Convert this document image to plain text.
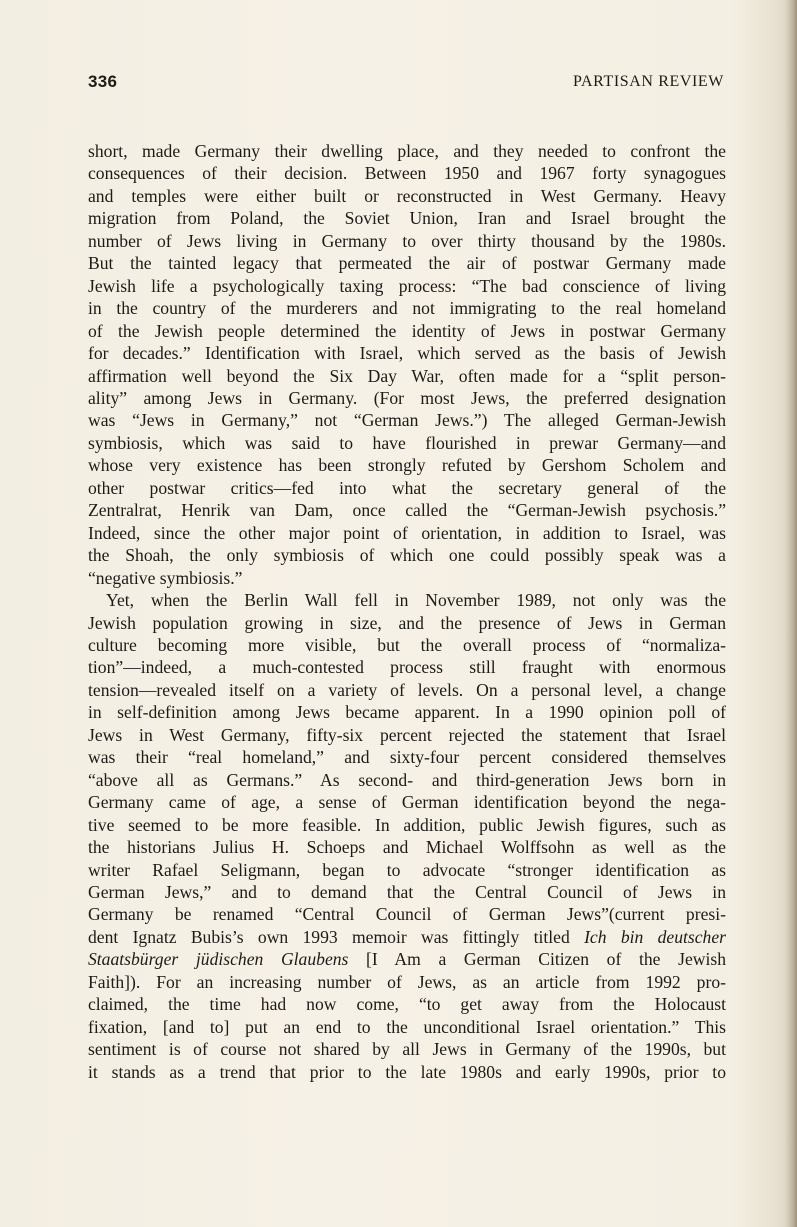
336	PARTISAN REVIEW
short, made Germany their dwelling place, and they needed to confront the
consequences of their decision. Between 1950 and 1967 forty synagogues
and temples were either built or reconstructed in West Germany. Heavy
migration from Poland, the Soviet Union, Iran and Israel brought the
number of Jews living in Germany to over thirty thousand by the 1980s.
But the tainted legacy that permeated the air of postwar Germany made
Jewish life a psychologically taxing process: “The bad conscience of living
in the country of the murderers and not immigrating to the real homeland
of the Jewish people determined the identity of Jews in postwar Germany
for decades.” Identification with Israel, which served as the basis of Jewish
affirmation well beyond the Six Day War, often made for a “split person-
ality” among Jews in Germany. (For most Jews, the preferred designation
was “Jews in Germany,” not “German Jews.”) The alleged German-Jewish
symbiosis, which was said to have flourished in prewar Germany—and
whose very existence has been strongly refuted by Gershom Scholem and
other postwar critics—fed into what the secretary general of the
Zentralrat, Henrik van Dam, once called the “German-Jewish psychosis.”
Indeed, since the other major point of orientation, in addition to Israel, was
the Shoah, the only symbiosis of which one could possibly speak was a
“negative symbiosis.”
Yet, when the Berlin Wall fell in November 1989, not only was the
Jewish population growing in size, and the presence of Jews in German
culture becoming more visible, but the overall process of “normaliza-
tion”—indeed, a much-contested process still fraught with enormous
tension—revealed itself on a variety of levels. On a personal level, a change
in self-definition among Jews became apparent. In a 1990 opinion poll of
Jews in West Germany, fifty-six percent rejected the statement that Israel
was their “real homeland,” and sixty-four percent considered themselves
“above all as Germans.” As second- and third-generation Jews born in
Germany came of age, a sense of German identification beyond the nega-
tive seemed to be more feasible. In addition, public Jewish figures, such as
the historians Julius H. Schoeps and Michael Wolffsohn as well as the
writer Rafael Seligmann, began to advocate “stronger identification as
German Jews,” and to demand that the Central Council of Jews in
Germany be renamed “Central Council of German Jews”(current presi-
dent Ignatz Bubis’s own 1993 memoir was fittingly titled Ich bin deutscher
Staatsbürger jüdischen Glaubens [I Am a German Citizen of the Jewish
Faith]). For an increasing number of Jews, as an article from 1992 pro-
claimed, the time had now come, “to get away from the Holocaust
fixation, [and to] put an end to the unconditional Israel orientation.” This
sentiment is of course not shared by all Jews in Germany of the 1990s, but
it stands as a trend that prior to the late 1980s and early 1990s, prior to
